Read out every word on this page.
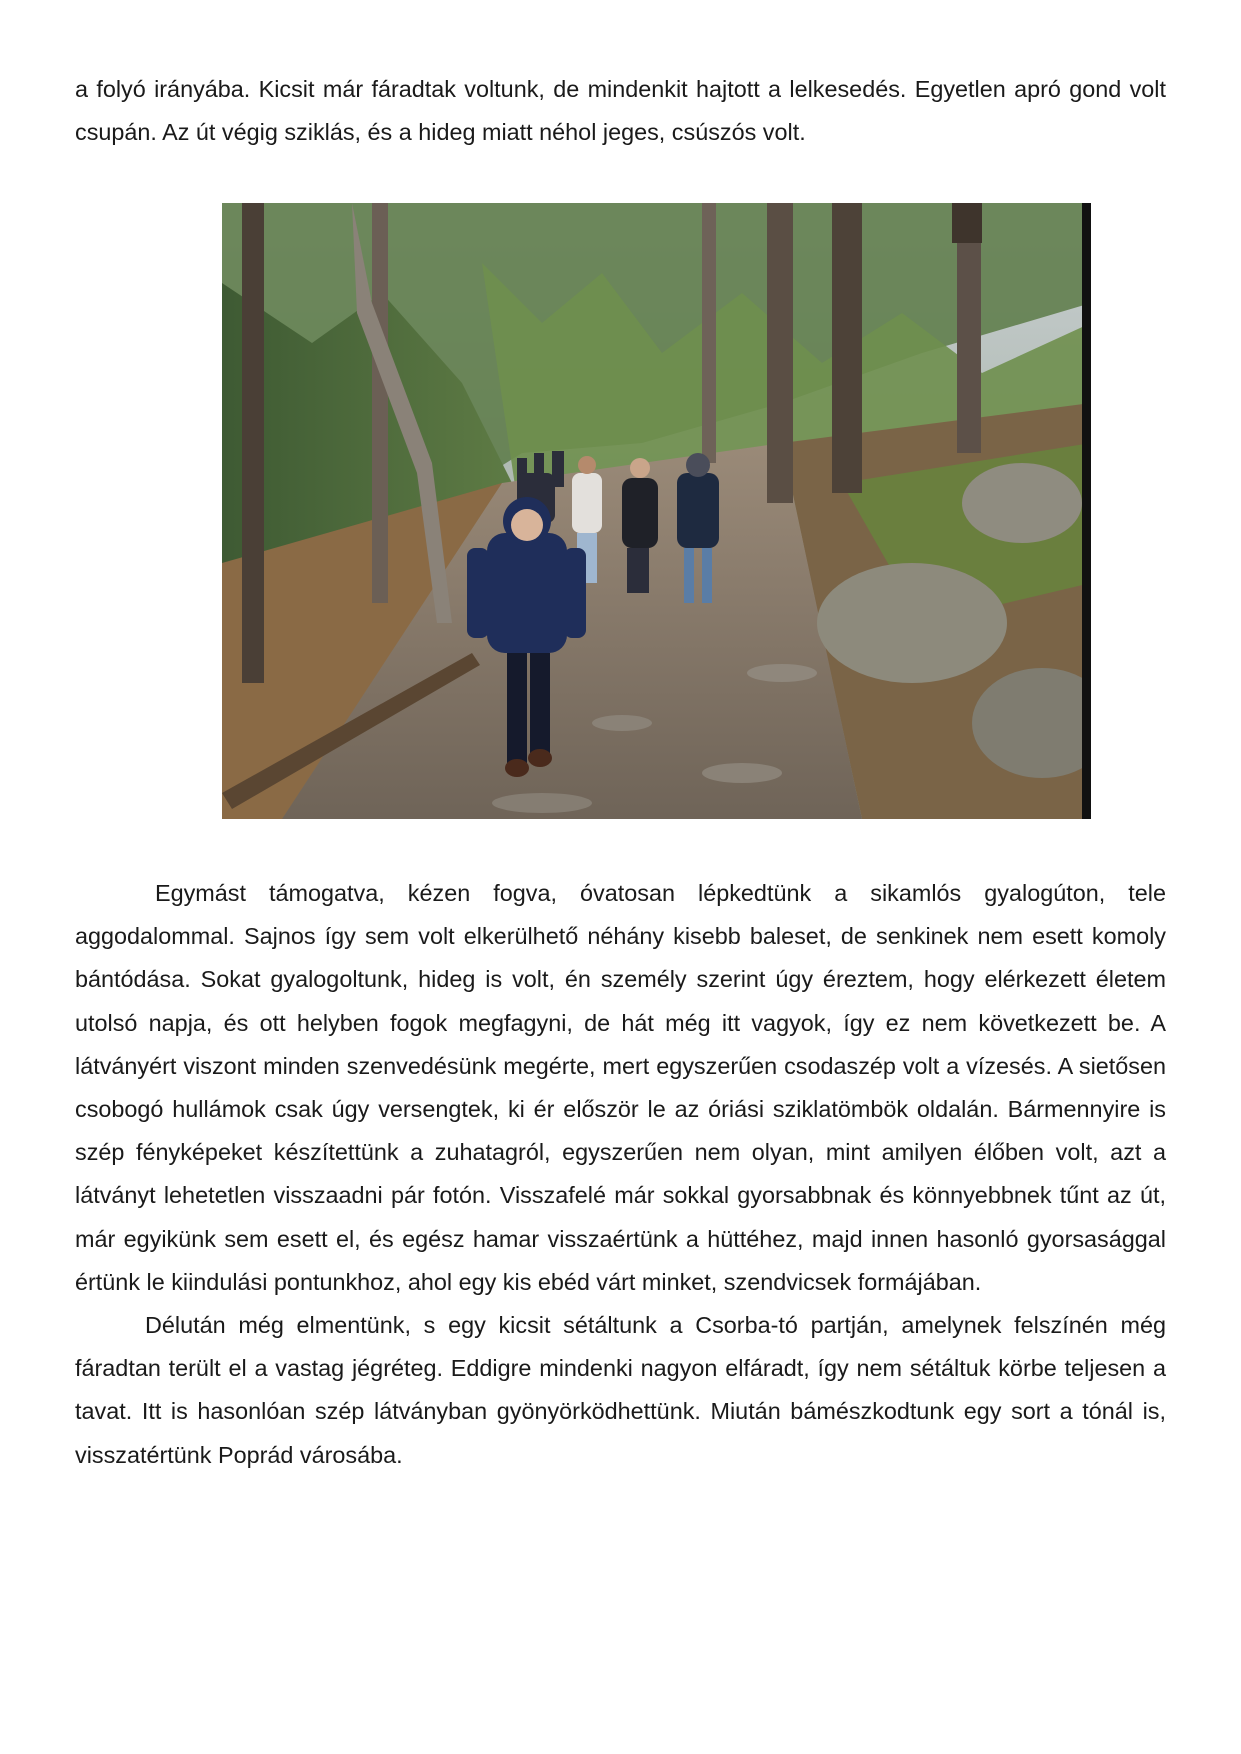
a folyó irányába. Kicsit már fáradtak voltunk, de mindenkit hajtott a lelkesedés. Egyetlen apró gond volt csupán. Az út végig sziklás, és a hideg miatt néhol jeges, csúszós volt.

Egymást támogatva, kézen fogva, óvatosan lépkedtünk a sikamlós gyalogúton, tele aggodalommal. Sajnos így sem volt elkerülhető néhány kisebb baleset, de senkinek nem esett komoly bántódása. Sokat gyalogoltunk, hideg is volt, én személy szerint úgy éreztem, hogy elérkezett életem utolsó napja, és ott helyben fogok megfagyni, de hát még itt vagyok, így ez nem következett be. A látványért viszont minden szenvedésünk megérte, mert egyszerűen csodaszép volt a vízesés. A sietősen csobogó hullámok csak úgy versengtek, ki ér először le az óriási sziklatömbök oldalán. Bármennyire is szép fényképeket készítettünk a zuhatagról, egyszerűen nem olyan, mint amilyen élőben volt, azt a látványt lehetetlen visszaadni pár fotón. Visszafelé már sokkal gyorsabbnak és könnyebbnek tűnt az út, már egyikünk sem esett el, és egész hamar visszaértünk a hüttéhez, majd innen hasonló gyorsasággal értünk le kiindulási pontunkhoz, ahol egy kis ebéd várt minket, szendvicsek formájában.

Délután még elmentünk, s egy kicsit sétáltunk a Csorba-tó partján, amelynek felszínén még fáradtan terült el a vastag jégréteg. Eddigre mindenki nagyon elfáradt, így nem sétáltuk körbe teljesen a tavat. Itt is hasonlóan szép látványban gyönyörködhettünk. Miután bámészkodtunk egy sort a tónál is, visszatértünk Poprád városába.
